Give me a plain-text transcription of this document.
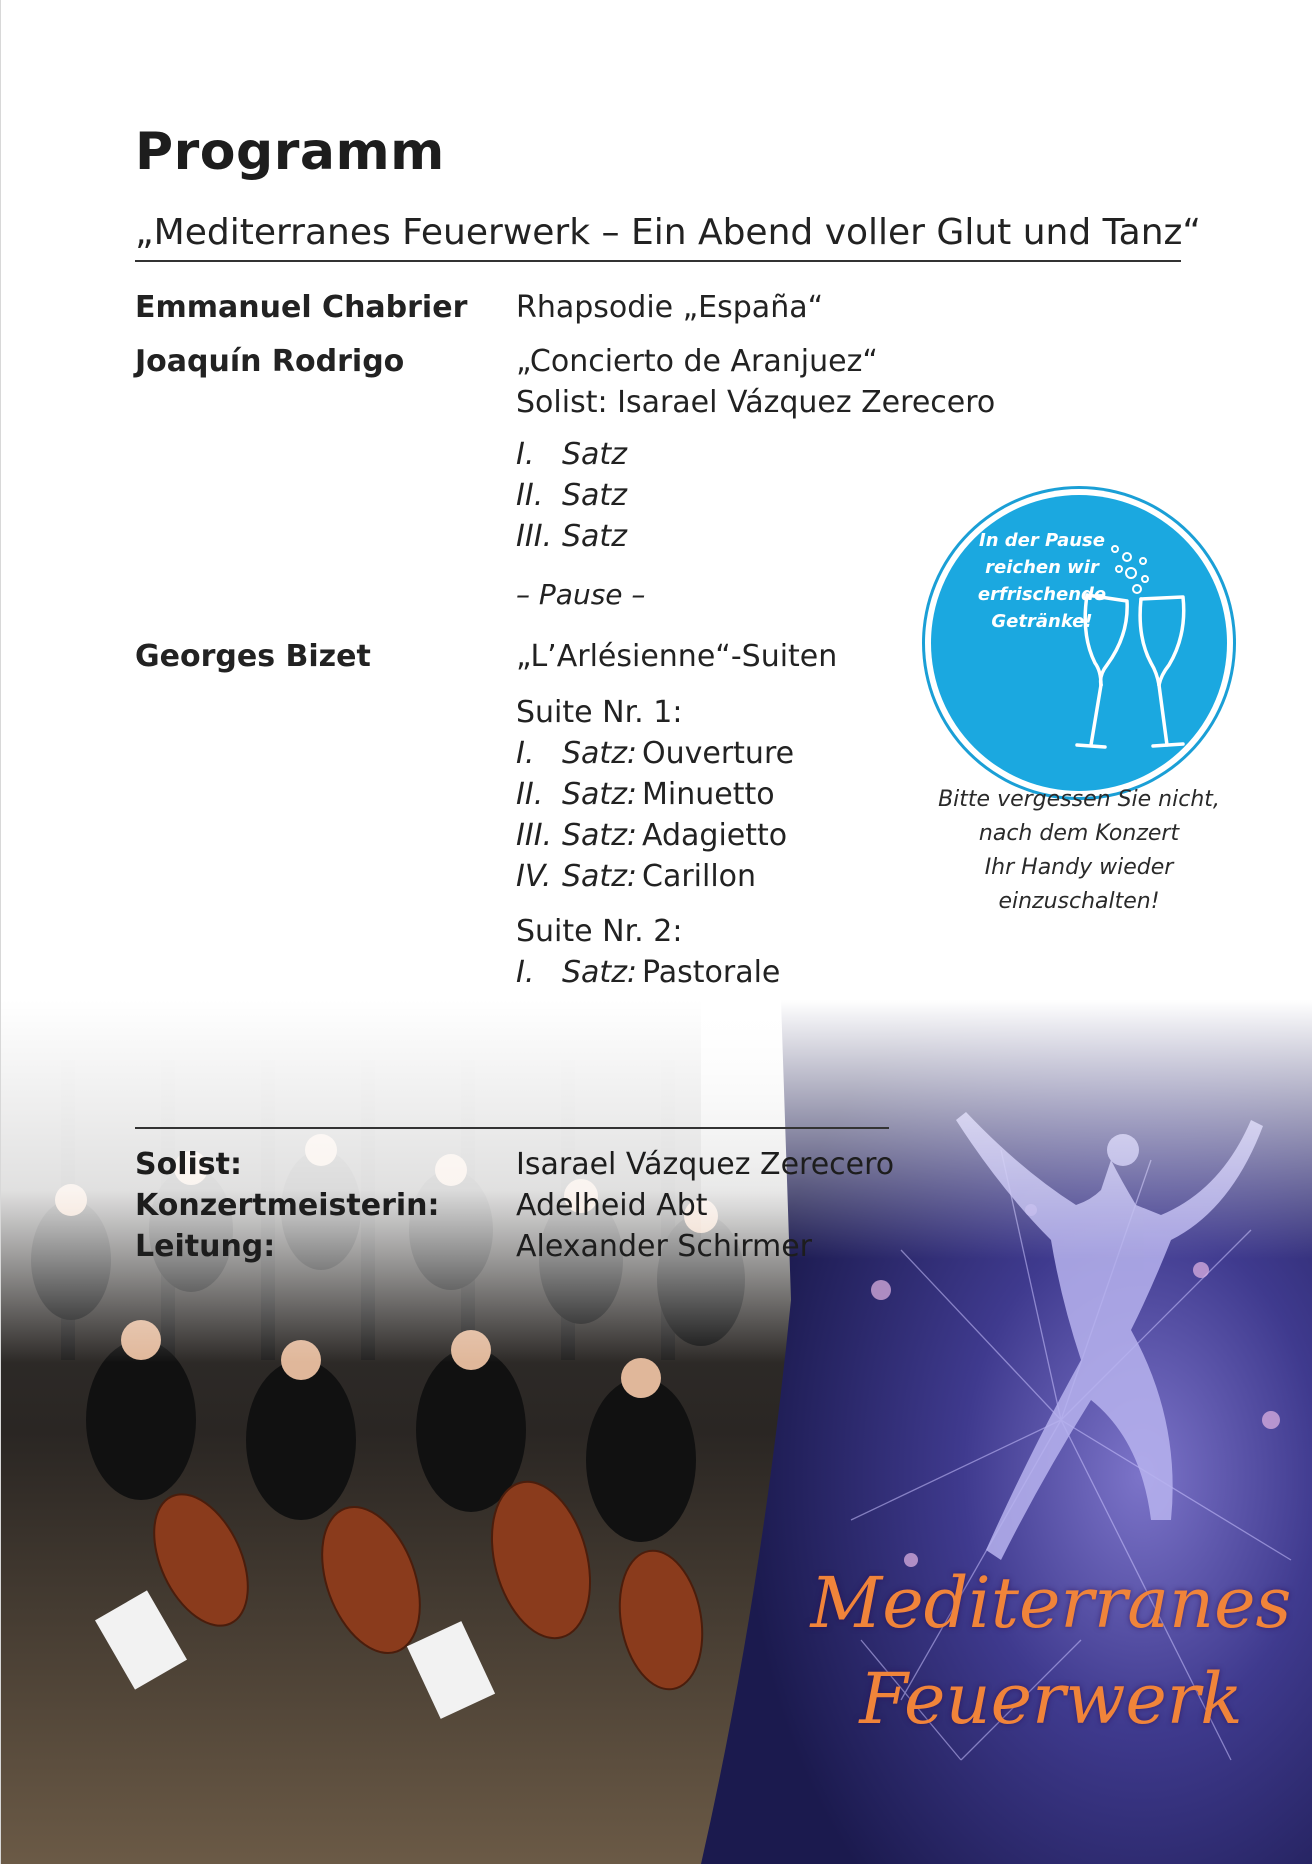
Programm
„Mediterranes Feuerwerk – Ein Abend voller Glut und Tanz“
Emmanuel Chabrier Rhapsodie „España“
Joaquín Rodrigo	„Concierto de Aranjuez“
Solist: Isarael Vázquez Zerecero
I. Satz
II. Satz
III. Satz
– Pause –
Georges Bizet	„L’Arlésienne“-Suiten
Suite Nr. 1:
I. Satz: Ouverture
II. Satz: Minuetto
III. Satz: Adagietto
IV. Satz: Carillon
Suite Nr. 2:
I. Satz: Pastorale
In der Pause
reichen wir
erfrischende
Getränke!
Bitte vergessen Sie nicht,
nach dem Konzert
Ihr Handy wieder
einzuschalten!
Mediterranes
Feuerwerk
Solist:	Isarael Vázquez Zerecero
Konzertmeisterin:	Adelheid Abt
Leitung:	Alexander Schirmer
